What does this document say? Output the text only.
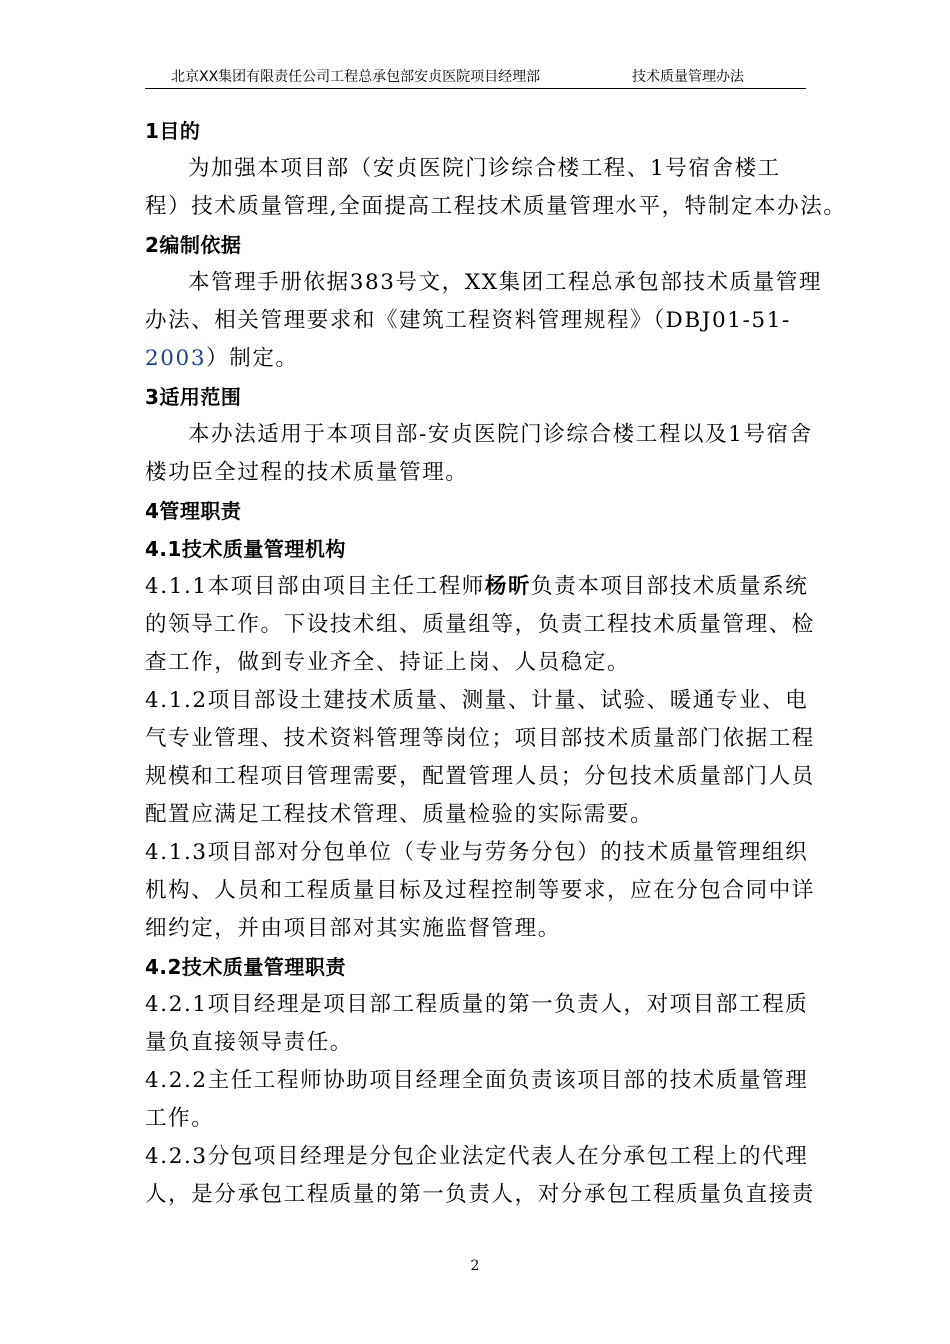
北京XX集团有限责任公司工程总承包部安贞医院项目经理部	技术质量管理办法
1目的
为加强本项目部（安贞医院门诊综合楼工程、1号宿舍楼工
程）技术质量管理,全面提高工程技术质量管理水平，特制定本办法。
2编制依据
本管理手册依据383号文，XX集团工程总承包部技术质量管理
办法、相关管理要求和《建筑工程资料管理规程》（DBJ01-51-
2003）制定。
3适用范围
本办法适用于本项目部-安贞医院门诊综合楼工程以及1号宿舍
楼功臣全过程的技术质量管理。
4管理职责
4.1技术质量管理机构
4.1.1本项目部由项目主任工程师杨昕负责本项目部技术质量系统
的领导工作。下设技术组、质量组等，负责工程技术质量管理、检
查工作，做到专业齐全、持证上岗、人员稳定。
4.1.2项目部设土建技术质量、测量、计量、试验、暖通专业、电
气专业管理、技术资料管理等岗位；项目部技术质量部门依据工程
规模和工程项目管理需要，配置管理人员；分包技术质量部门人员
配置应满足工程技术管理、质量检验的实际需要。
4.1.3项目部对分包单位（专业与劳务分包）的技术质量管理组织
机构、人员和工程质量目标及过程控制等要求，应在分包合同中详
细约定，并由项目部对其实施监督管理。
4.2技术质量管理职责
4.2.1项目经理是项目部工程质量的第一负责人，对项目部工程质
量负直接领导责任。
4.2.2主任工程师协助项目经理全面负责该项目部的技术质量管理
工作。
4.2.3分包项目经理是分包企业法定代表人在分承包工程上的代理
人，是分承包工程质量的第一负责人，对分承包工程质量负直接责
2
